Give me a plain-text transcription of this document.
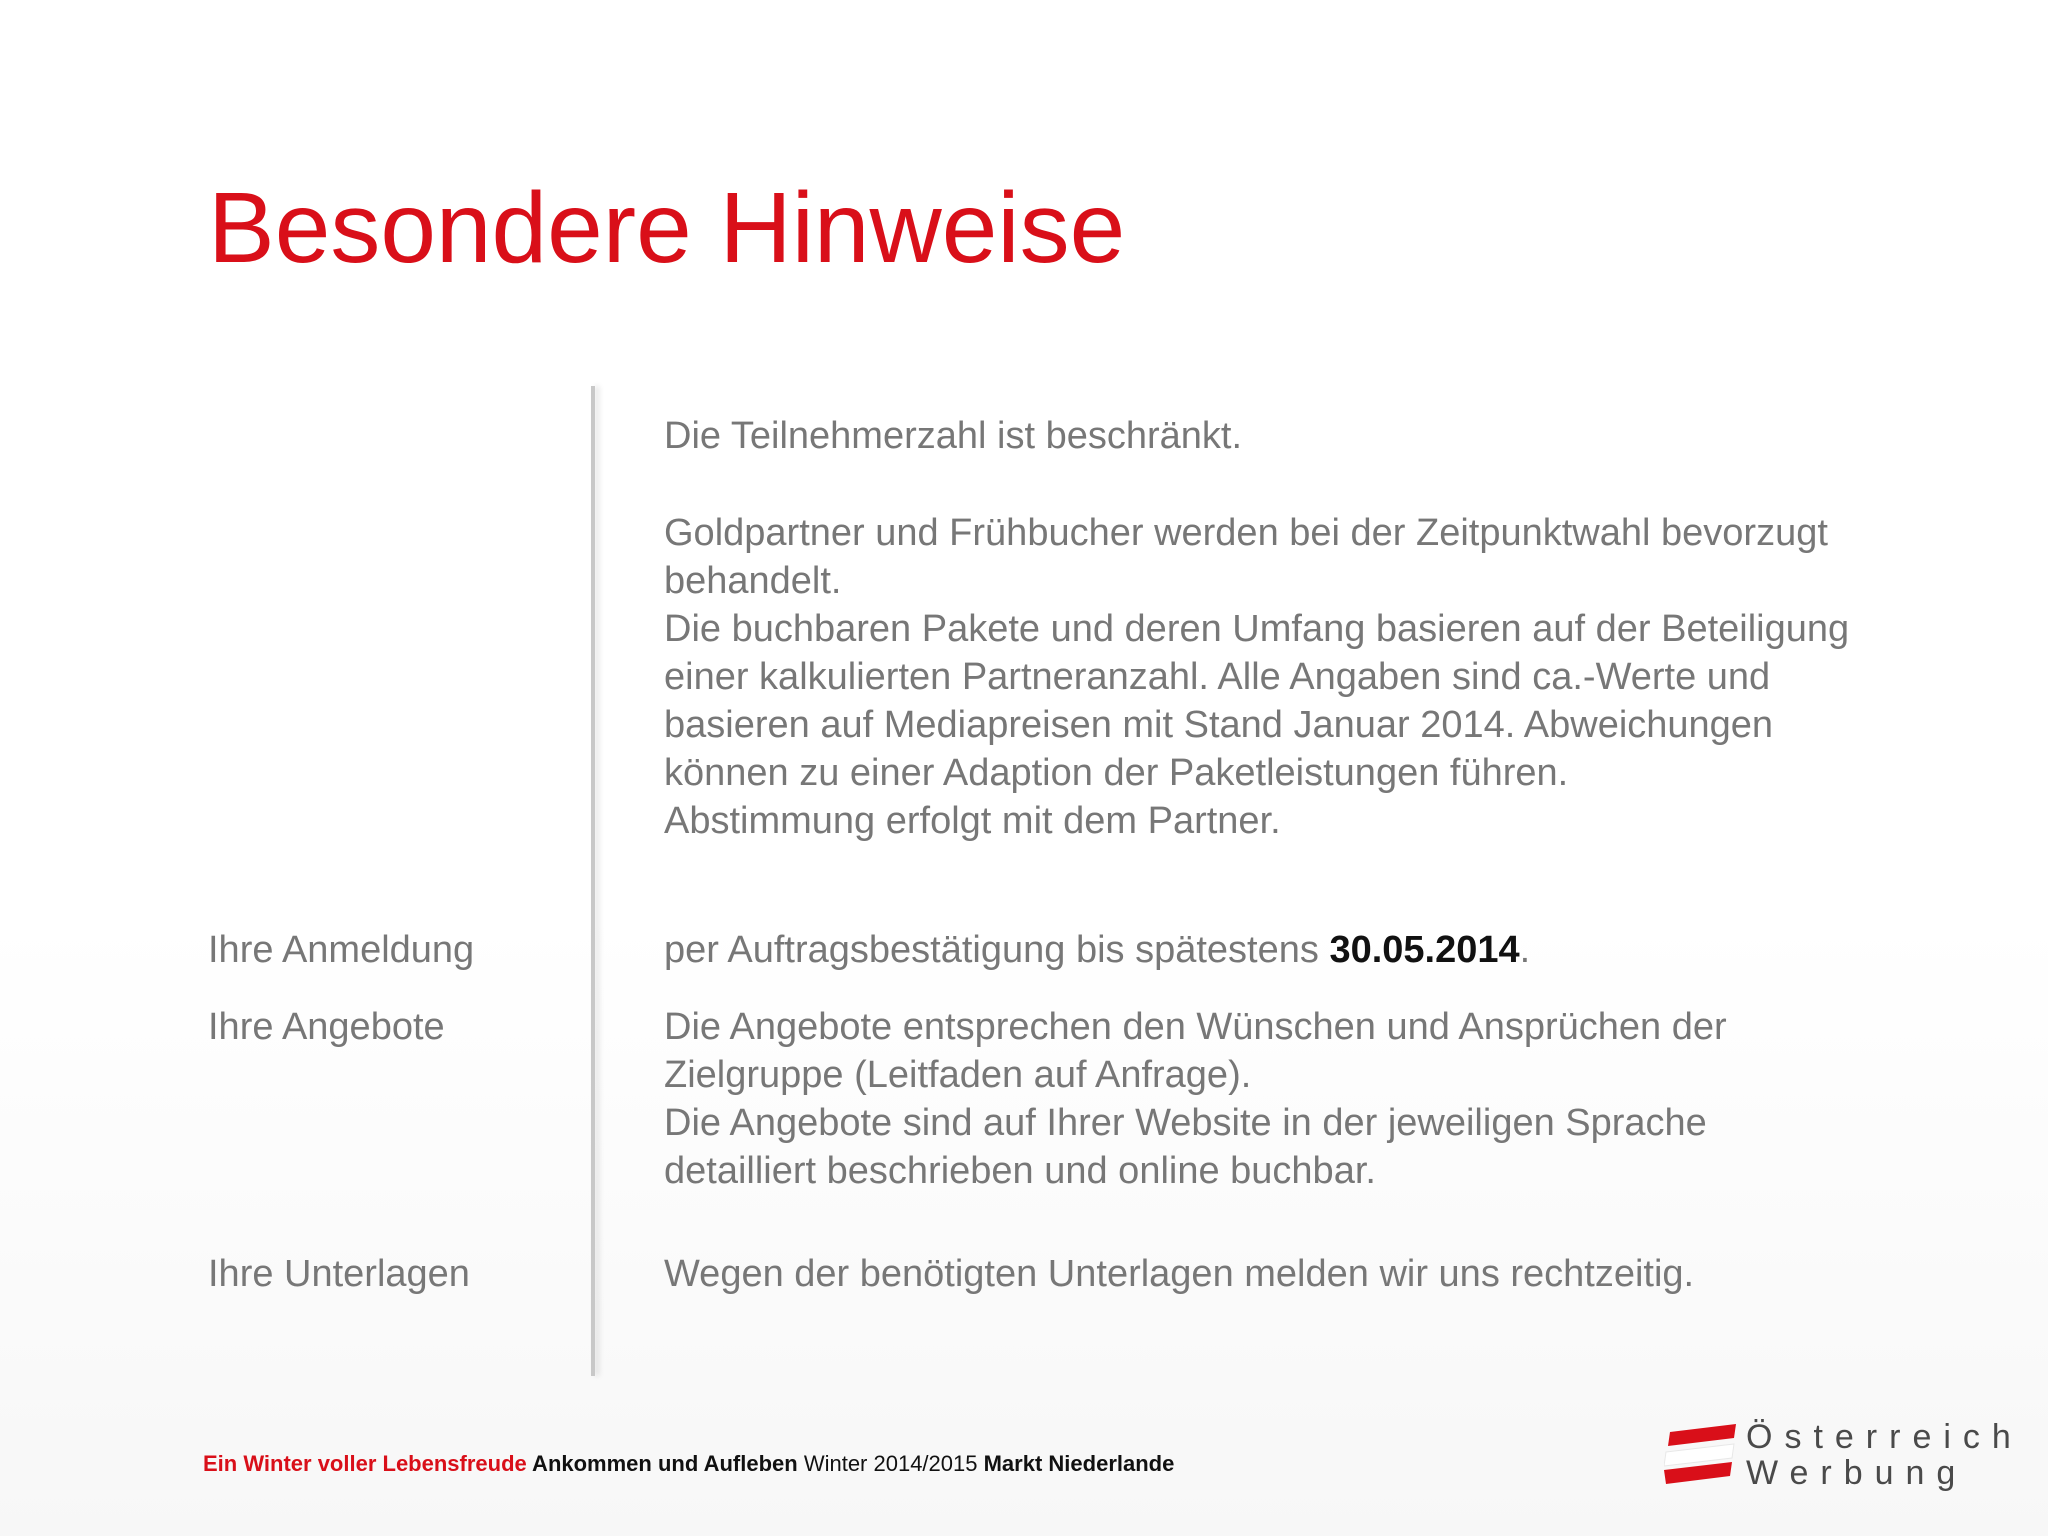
Besondere Hinweise
Die Teilnehmerzahl ist beschränkt.
Goldpartner und Frühbucher werden bei der Zeitpunktwahl bevorzugt
behandelt.
Die buchbaren Pakete und deren Umfang basieren auf der Beteiligung
einer kalkulierten Partneranzahl. Alle Angaben sind ca.-Werte und
basieren auf Mediapreisen mit Stand Januar 2014. Abweichungen
können zu einer Adaption der Paketleistungen führen.
Abstimmung erfolgt mit dem Partner.
Ihre Anmeldung	per Auftragsbestätigung bis spätestens 30.05.2014.
Ihre Angebote	Die Angebote entsprechen den Wünschen und Ansprüchen der
Zielgruppe (Leitfaden auf Anfrage).
Die Angebote sind auf Ihrer Website in der jeweiligen Sprache
detailliert beschrieben und online buchbar.
Ihre Unterlagen	Wegen der benötigten Unterlagen melden wir uns rechtzeitig.
Ein Winter voller Lebensfreude Ankommen und Aufleben Winter 2014/2015 Markt Niederlande
Österreich
Werbung
